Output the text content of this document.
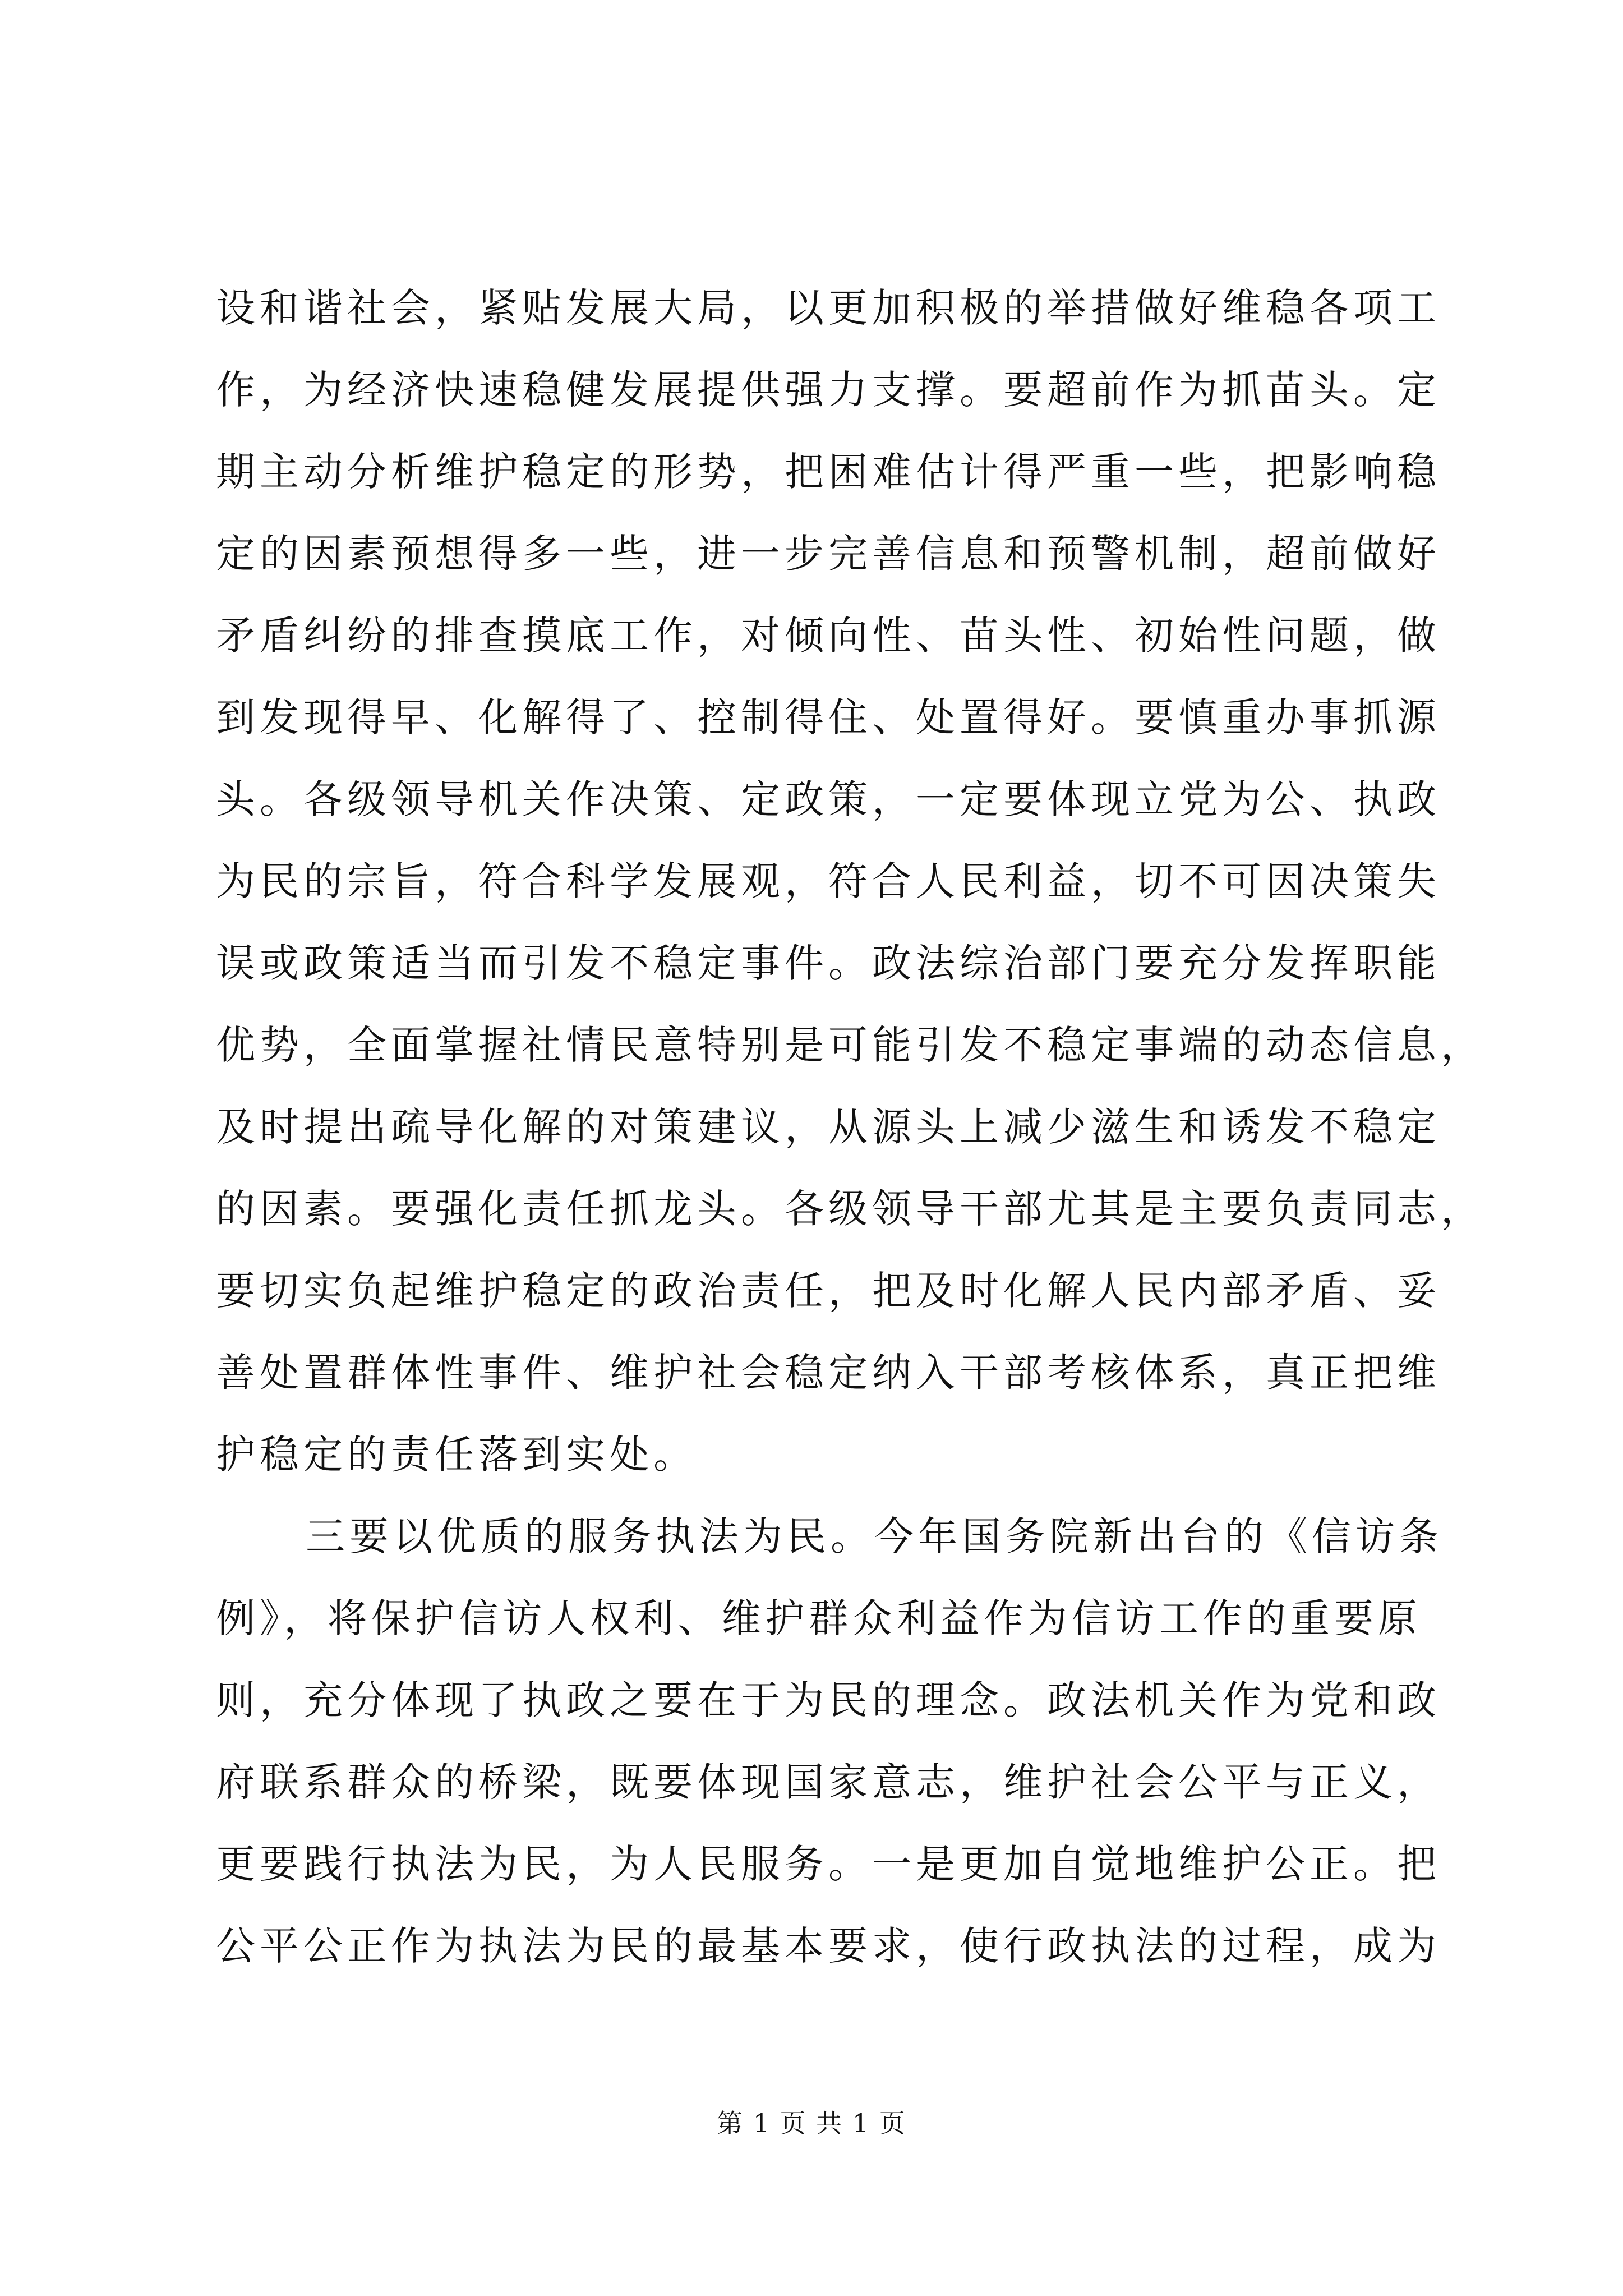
设和谐社会，紧贴发展大局，以更加积极的举措做好维稳各项工
作，为经济快速稳健发展提供强力支撑。要超前作为抓苗头。定
期主动分析维护稳定的形势，把困难估计得严重一些，把影响稳
定的因素预想得多一些，进一步完善信息和预警机制，超前做好
矛盾纠纷的排查摸底工作，对倾向性、苗头性、初始性问题，做
到发现得早、化解得了、控制得住、处置得好。要慎重办事抓源
头。各级领导机关作决策、定政策，一定要体现立党为公、执政
为民的宗旨，符合科学发展观，符合人民利益，切不可因决策失
误或政策适当而引发不稳定事件。政法综治部门要充分发挥职能
优势，全面掌握社情民意特别是可能引发不稳定事端的动态信息，
及时提出疏导化解的对策建议，从源头上减少滋生和诱发不稳定
的因素。要强化责任抓龙头。各级领导干部尤其是主要负责同志，
要切实负起维护稳定的政治责任，把及时化解人民内部矛盾、妥
善处置群体性事件、维护社会稳定纳入干部考核体系，真正把维
护稳定的责任落到实处。
三要以优质的服务执法为民。今年国务院新出台的《信访条
例》，将保护信访人权利、维护群众利益作为信访工作的重要原
则，充分体现了执政之要在于为民的理念。政法机关作为党和政
府联系群众的桥梁，既要体现国家意志，维护社会公平与正义，
更要践行执法为民，为人民服务。一是更加自觉地维护公正。把
公平公正作为执法为民的最基本要求，使行政执法的过程，成为
第 1 页 共 1 页
